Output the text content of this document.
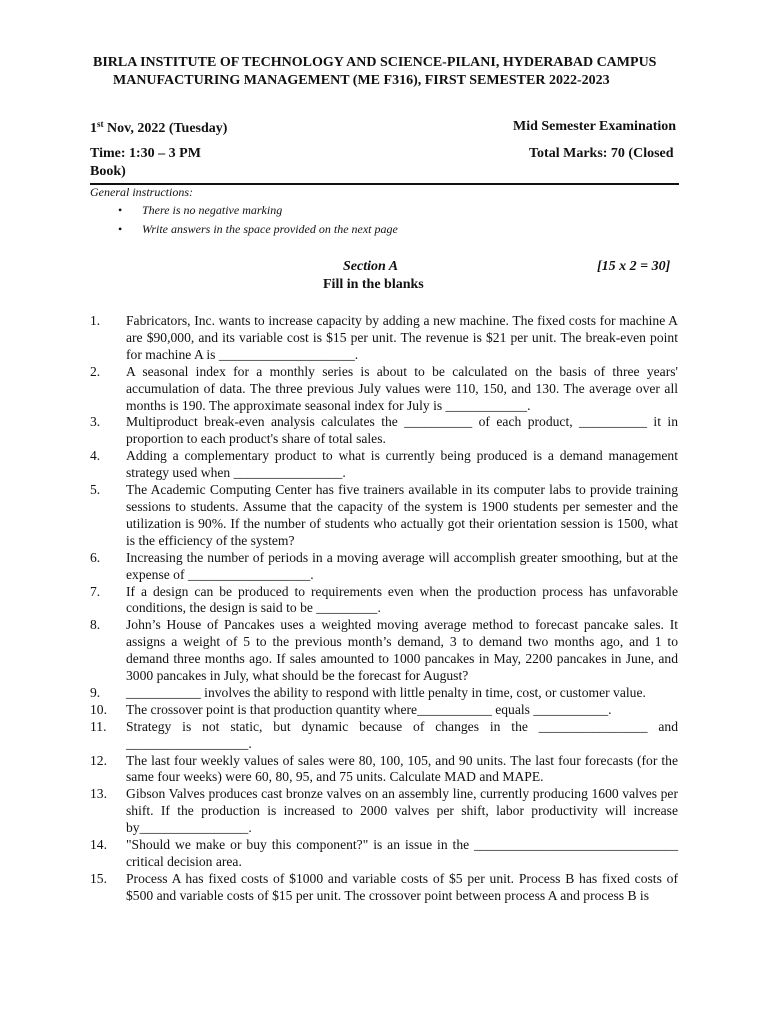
BIRLA INSTITUTE OF TECHNOLOGY AND SCIENCE-PILANI, HYDERABAD CAMPUS
MANUFACTURING MANAGEMENT (ME F316), FIRST SEMESTER 2022-2023
1st Nov, 2022 (Tuesday)	Mid Semester Examination
Time: 1:30 – 3 PM	Total Marks: 70 (Closed
Book)
General instructions:
• There is no negative marking
• Write answers in the space provided on the next page
Section A	[15 x 2 = 30]
Fill in the blanks
1.	Fabricators, Inc. wants to increase capacity by adding a new machine. The fixed costs for machine A are $90,000, and its variable cost is $15 per unit. The revenue is $21 per unit. The break-even point for machine A is ____________________.
2.	A seasonal index for a monthly series is about to be calculated on the basis of three years' accumulation of data. The three previous July values were 110, 150, and 130. The average over all months is 190. The approximate seasonal index for July is ____________.
3.	Multiproduct break-even analysis calculates the __________ of each product, __________ it in proportion to each product's share of total sales.
4.	Adding a complementary product to what is currently being produced is a demand management strategy used when ________________.
5.	The Academic Computing Center has five trainers available in its computer labs to provide training sessions to students. Assume that the capacity of the system is 1900 students per semester and the utilization is 90%. If the number of students who actually got their orientation session is 1500, what is the efficiency of the system?
6.	Increasing the number of periods in a moving average will accomplish greater smoothing, but at the expense of __________________.
7.	If a design can be produced to requirements even when the production process has unfavorable conditions, the design is said to be _________.
8.	John’s House of Pancakes uses a weighted moving average method to forecast pancake sales. It assigns a weight of 5 to the previous month’s demand, 3 to demand two months ago, and 1 to demand three months ago. If sales amounted to 1000 pancakes in May, 2200 pancakes in June, and 3000 pancakes in July, what should be the forecast for August?
9.	___________ involves the ability to respond with little penalty in time, cost, or customer value.
10.	The crossover point is that production quantity where___________ equals ___________.
11.	Strategy is not static, but dynamic because of changes in the ________________ and __________________.
12.	The last four weekly values of sales were 80, 100, 105, and 90 units. The last four forecasts (for the same four weeks) were 60, 80, 95, and 75 units. Calculate MAD and MAPE.
13.	Gibson Valves produces cast bronze valves on an assembly line, currently producing 1600 valves per shift. If the production is increased to 2000 valves per shift, labor productivity will increase by________________.
14.	"Should we make or buy this component?" is an issue in the ______________________________ critical decision area.
15.	Process A has fixed costs of $1000 and variable costs of $5 per unit. Process B has fixed costs of $500 and variable costs of $15 per unit. The crossover point between process A and process B is
